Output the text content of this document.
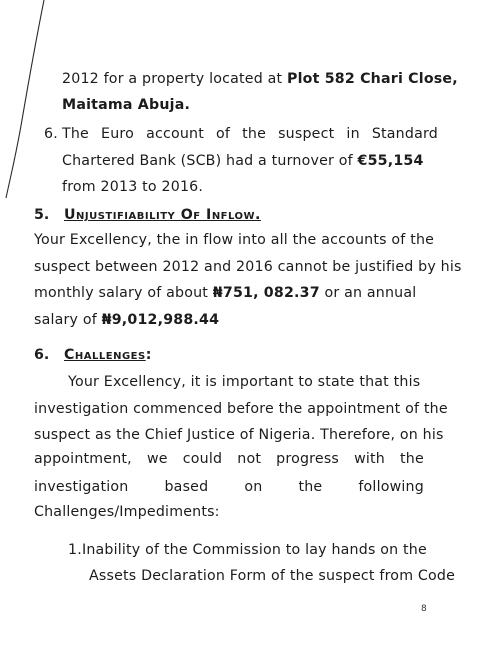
2012 for a property located at Plot 582 Chari Close,
Maitama Abuja.
6. The Euro account of the suspect in Standard
Chartered Bank (SCB) had a turnover of €55,154
from 2013 to 2016.
5. Unjustifiability Of Inflow.
Your Excellency, the in flow into all the accounts of the
suspect between 2012 and 2016 cannot be justified by his
monthly salary of about ₦751, 082.37 or an annual
salary of ₦9,012,988.44
6. Challenges:
Your Excellency, it is important to state that this
investigation commenced before the appointment of the
suspect as the Chief Justice of Nigeria. Therefore, on his
appointment, we could not progress with the
investigation	based	on	the	following
Challenges/Impediments:
1.Inability of the Commission to lay hands on the
Assets Declaration Form of the suspect from Code
8
